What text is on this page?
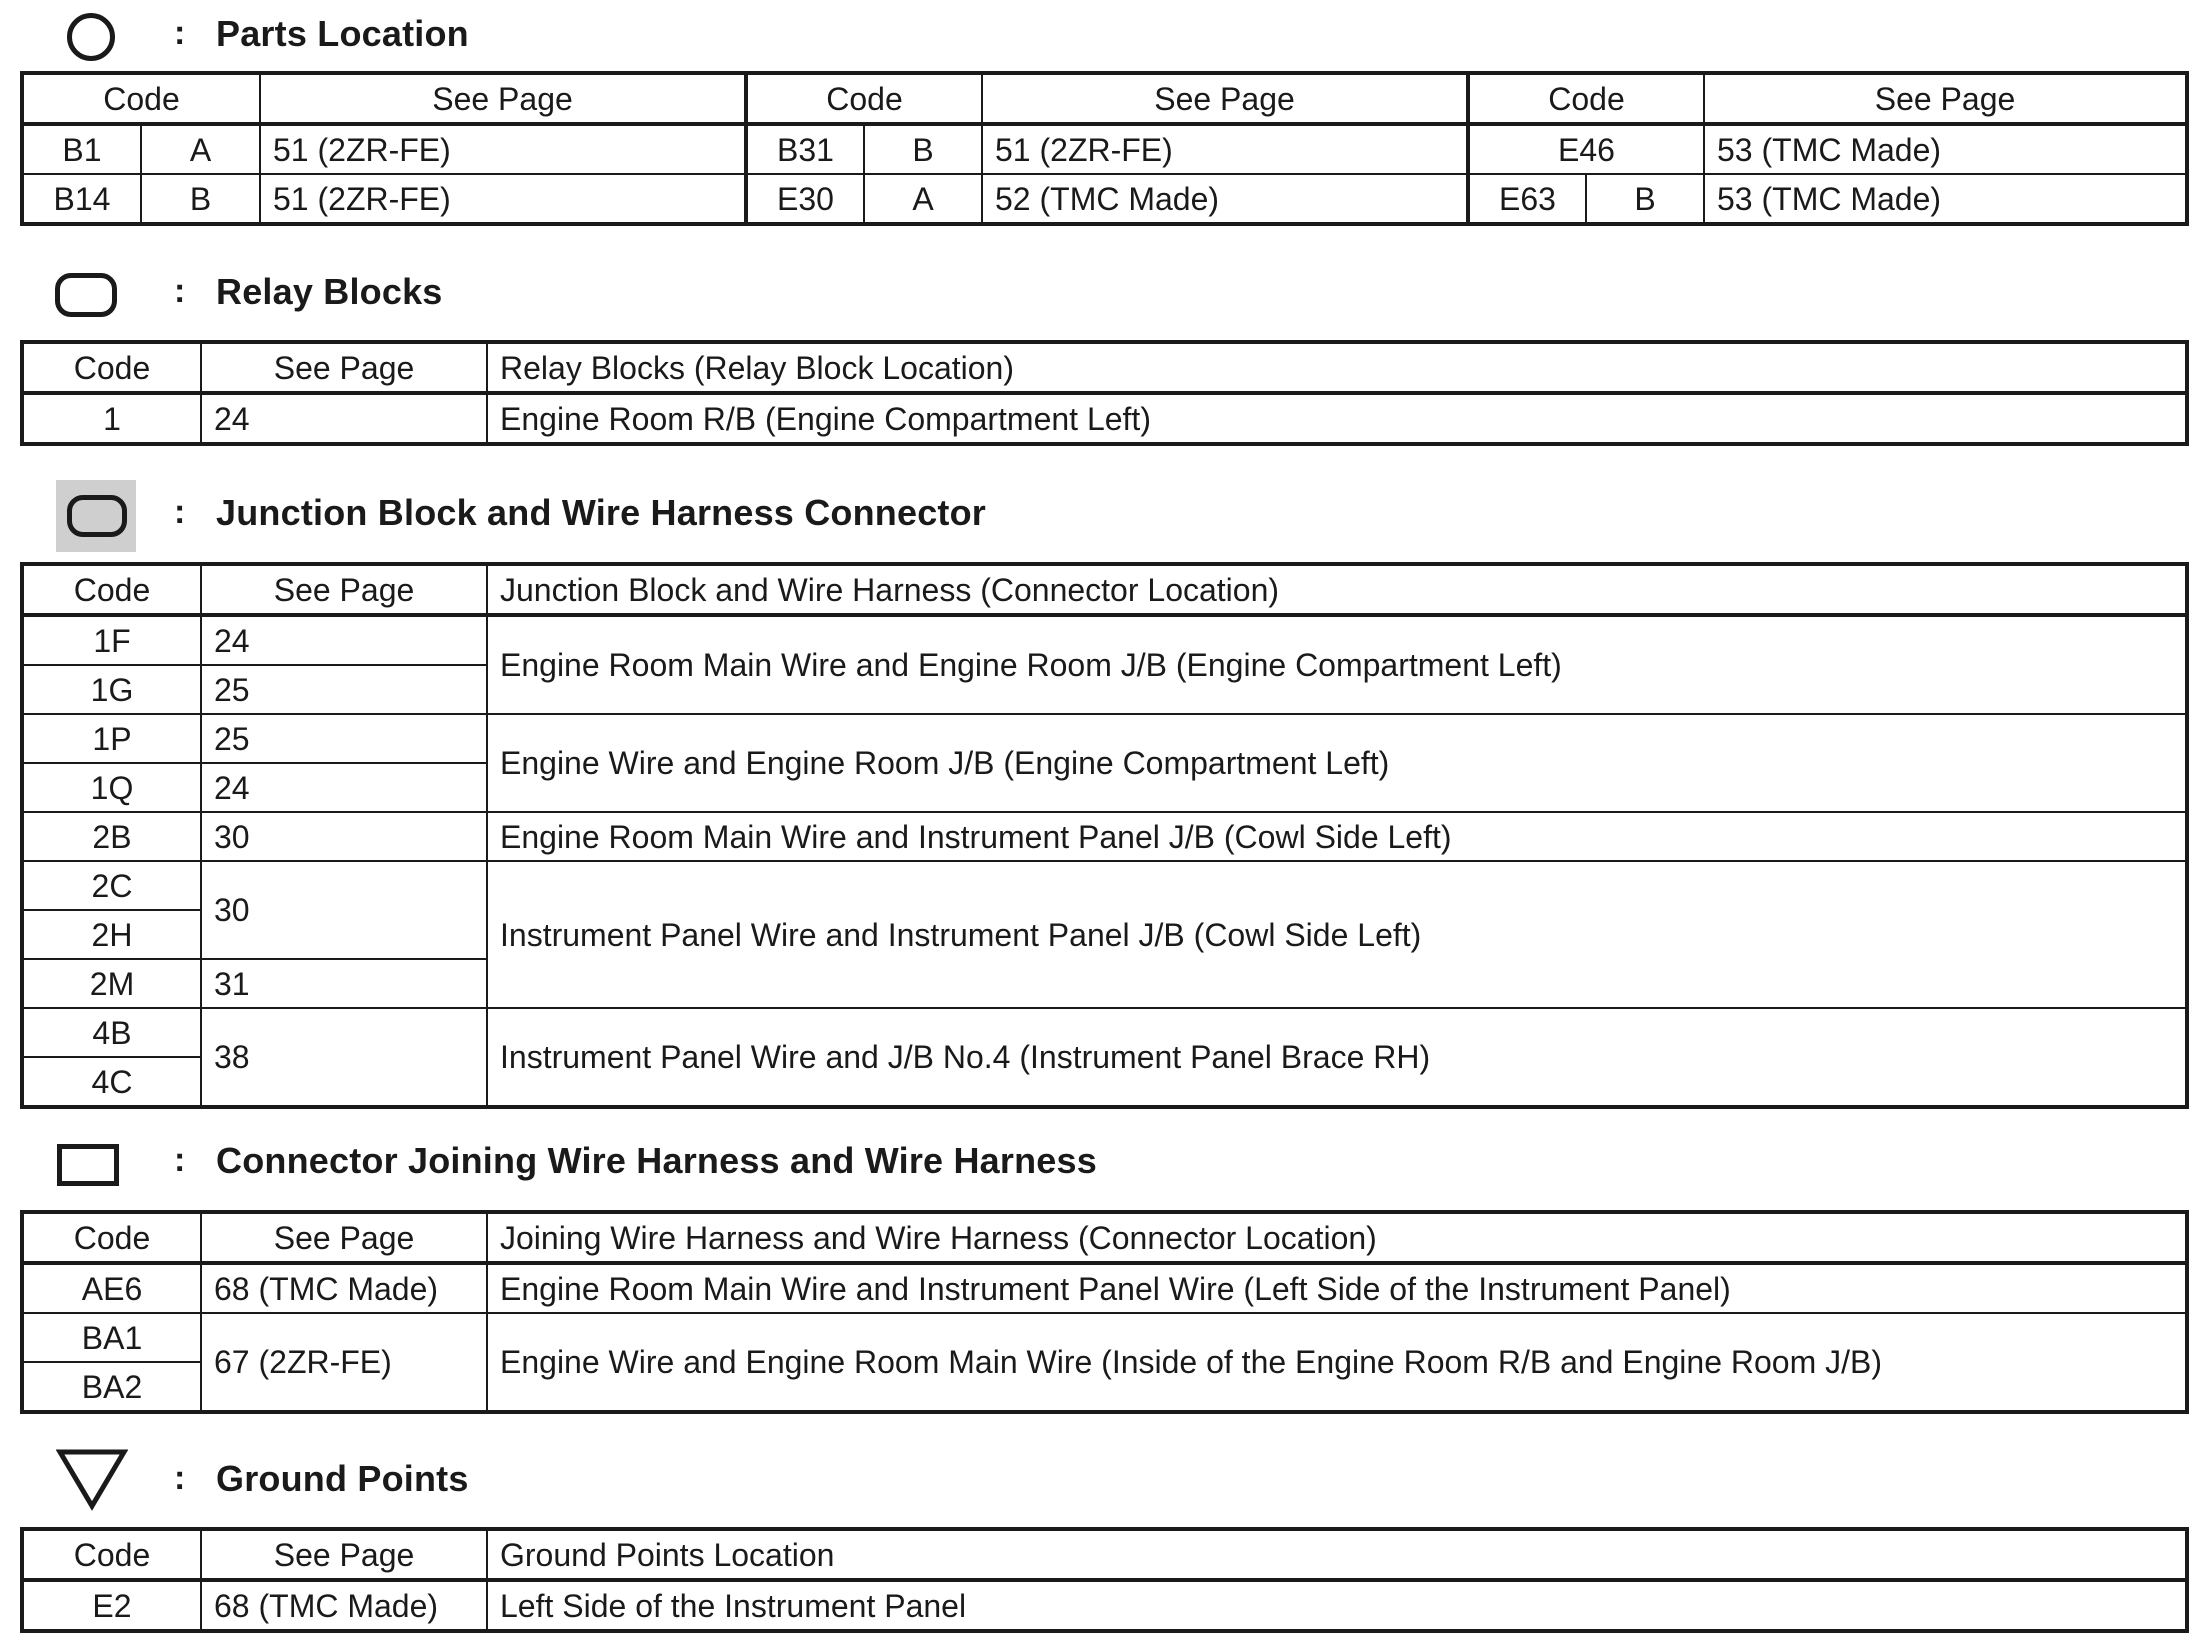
: Parts Location
Code		See Page	Code		See Page	Code		See Page
B1	A	51 (2ZR-FE)	B31	B	51 (2ZR-FE)	E46		53 (TMC Made)
B14	B	51 (2ZR-FE)	E30	A	52 (TMC Made)	E63	B	53 (TMC Made)
: Relay Blocks
Code	See Page	Relay Blocks (Relay Block Location)
1	24	Engine Room R/B (Engine Compartment Left)
: Junction Block and Wire Harness Connector
Code	See Page	Junction Block and Wire Harness (Connector Location)
1F	24	Engine Room Main Wire and Engine Room J/B (Engine Compartment Left)
1G	25	
1P	25	Engine Wire and Engine Room J/B (Engine Compartment Left)
1Q	24	
2B	30	Engine Room Main Wire and Instrument Panel J/B (Cowl Side Left)
2C	30	Instrument Panel Wire and Instrument Panel J/B (Cowl Side Left)
2H		
2M	31	
4B	38	Instrument Panel Wire and J/B No.4 (Instrument Panel Brace RH)
4C		
: Connector Joining Wire Harness and Wire Harness
Code	See Page	Joining Wire Harness and Wire Harness (Connector Location)
AE6	68 (TMC Made)	Engine Room Main Wire and Instrument Panel Wire (Left Side of the Instrument Panel)
BA1	67 (2ZR-FE)	Engine Wire and Engine Room Main Wire (Inside of the Engine Room R/B and Engine Room J/B)
BA2		
: Ground Points
Code	See Page	Ground Points Location
E2	68 (TMC Made)	Left Side of the Instrument Panel
